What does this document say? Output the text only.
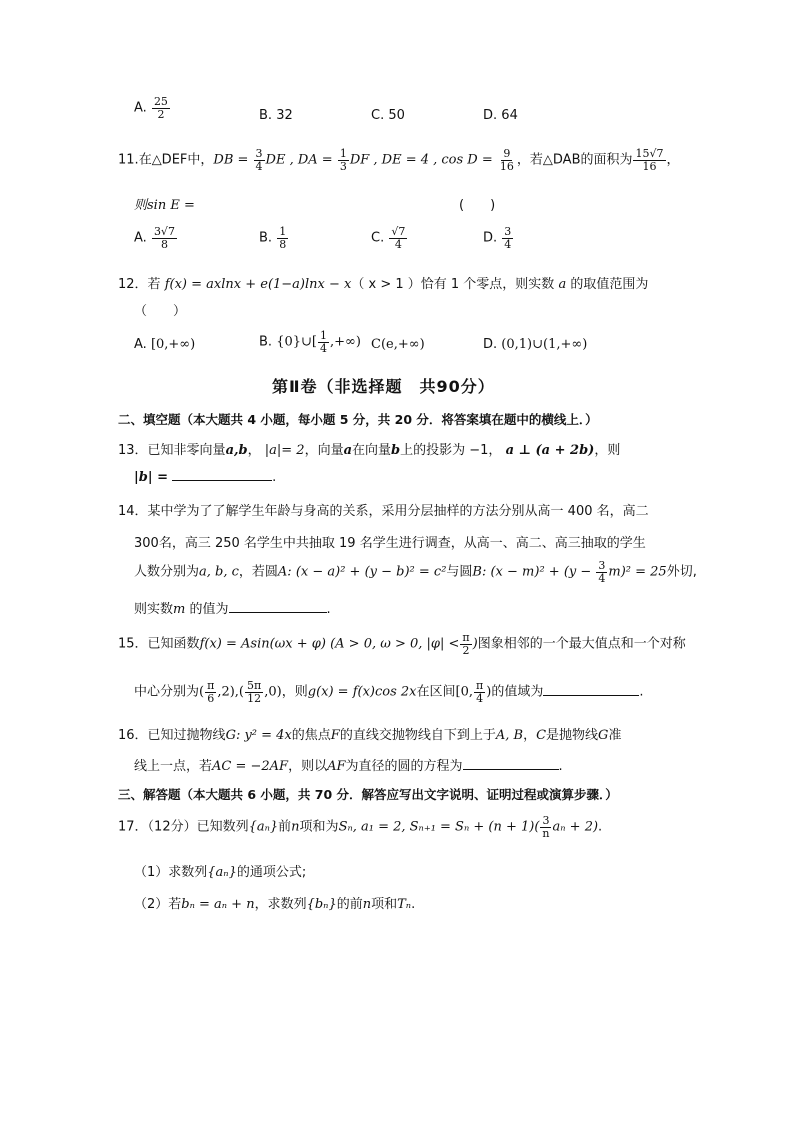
A. $\frac{25}{2}$	B. 32	C. 50	D. 64
11.在△DEF中，DB = $\frac{3}{4}$ DE , DA = $\frac{1}{3}$ DF , DE = 4 , $\cos D = \frac{9}{16}$ ，若△DAB的面积为 $\frac{15√7}{16}$ ，
则sin E =	(　　)
A. $\frac{3√7}{8}$	B. $\frac{1}{8}$	C. $\frac{√7}{4}$	D. $\frac{3}{4}$
12．若 f(x) = axlnx + e(1−a)lnx − x（ x > 1 ）恰有 1 个零点，则实数 a 的取值范围为
（　　）
A. [0,+∞)	B. {0}∪[ $\frac{1}{4}$ ,+∞) C(e,+∞)	D. (0,1)∪(1,+∞)
第Ⅱ卷（非选择题　共90分）
二、填空题（本大题共 4 小题，每小题 5 分，共 20 分．将答案填在题中的横线上．）
13．已知非零向量a,b， |a|= 2，向量a在向量b上的投影为 −1， a ⊥ (a + 2b)，则
|b| =	.
14．某中学为了了解学生年龄与身高的关系，采用分层抽样的方法分别从高一 400 名，高二
300名，高三 250 名学生中共抽取 19 名学生进行调查，从高一、高二、高三抽取的学生
人数分别为a, b, c，若圆A: (x − a)² + (y − b)² = c²与圆B: $(x - m)^2 + (y - \frac{3}{4} m)^2 = 25$外切,
则实数m 的值为	.
15．已知函数f(x) = Asin(ωx + φ) (A > 0, ω > 0, $|\varphi| < \frac{\pi}{2}$ )图象相邻的一个最大值点和一个对称
中心分别为( $\frac{\pi}{6} ,2),( \frac{5\pi}{12} ,0)$，则g(x) = f(x)cos 2x在区间[0, $\frac{\pi}{4}$ )的值域为	.
16．已知过抛物线G: y² = 4x的焦点F的直线交抛物线自下到上于A, B，C是抛物线G准
线上一点，若AC = −2AF，则以AF为直径的圆的方程为	.
三、解答题（本大题共 6 小题，共 70 分．解答应写出文字说明、证明过程或演算步骤．）
17．（12分）已知数列{aₙ}前n项和为Sₙ, a₁ = 2, $S_{n+1} = S_n + (n + 1)( \frac{3}{n}$ aₙ + 2).
（1）求数列{aₙ}的通项公式;
（2）若bₙ = aₙ + n，求数列{bₙ}的前n项和Tₙ.
